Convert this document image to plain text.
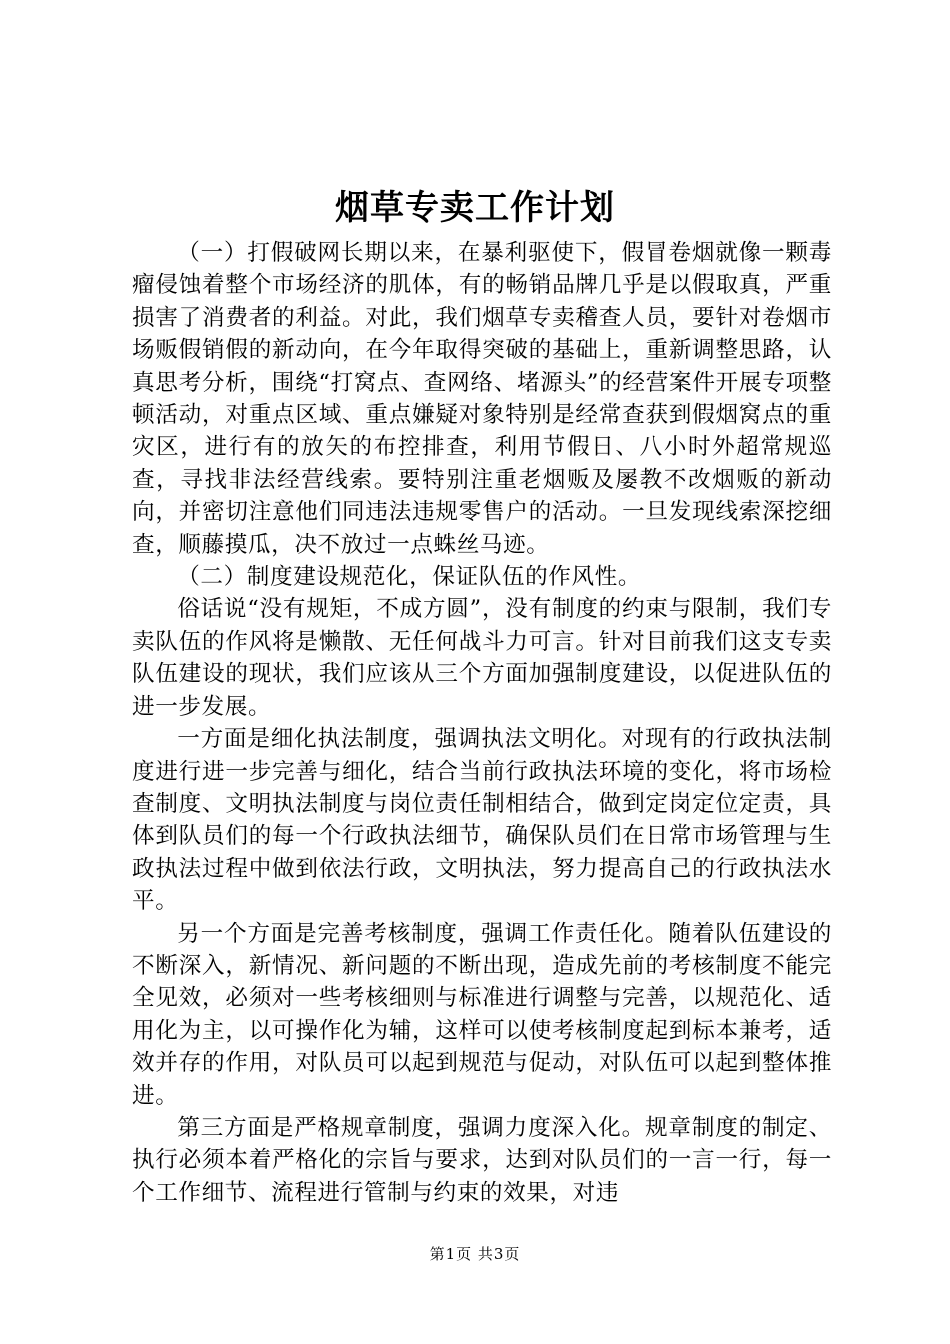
烟草专卖工作计划

（一）打假破网长期以来，在暴利驱使下，假冒卷烟就像一颗毒瘤侵蚀着整个市场经济的肌体，有的畅销品牌几乎是以假取真，严重损害了消费者的利益。对此，我们烟草专卖稽查人员，要针对卷烟市场贩假销假的新动向，在今年取得突破的基础上，重新调整思路，认真思考分析，围绕“打窝点、查网络、堵源头”的经营案件开展专项整顿活动，对重点区域、重点嫌疑对象特别是经常查获到假烟窝点的重灾区，进行有的放矢的布控排查，利用节假日、八小时外超常规巡查，寻找非法经营线索。要特别注重老烟贩及屡教不改烟贩的新动向，并密切注意他们同违法违规零售户的活动。一旦发现线索深挖细查，顺藤摸瓜，决不放过一点蛛丝马迹。

（二）制度建设规范化，保证队伍的作风性。

俗话说“没有规矩，不成方圆”，没有制度的约束与限制，我们专卖队伍的作风将是懒散、无任何战斗力可言。针对目前我们这支专卖队伍建设的现状，我们应该从三个方面加强制度建设，以促进队伍的进一步发展。

一方面是细化执法制度，强调执法文明化。对现有的行政执法制度进行进一步完善与细化，结合当前行政执法环境的变化，将市场检查制度、文明执法制度与岗位责任制相结合，做到定岗定位定责，具体到队员们的每一个行政执法细节，确保队员们在日常市场管理与生政执法过程中做到依法行政，文明执法，努力提高自己的行政执法水平。

另一个方面是完善考核制度，强调工作责任化。随着队伍建设的不断深入，新情况、新问题的不断出现，造成先前的考核制度不能完全见效，必须对一些考核细则与标准进行调整与完善，以规范化、适用化为主，以可操作化为辅，这样可以使考核制度起到标本兼考，适效并存的作用，对队员可以起到规范与促动，对队伍可以起到整体推进。

第三方面是严格规章制度，强调力度深入化。规章制度的制定、执行必须本着严格化的宗旨与要求，达到对队员们的一言一行，每一个工作细节、流程进行管制与约束的效果，对违

第1页 共3页
